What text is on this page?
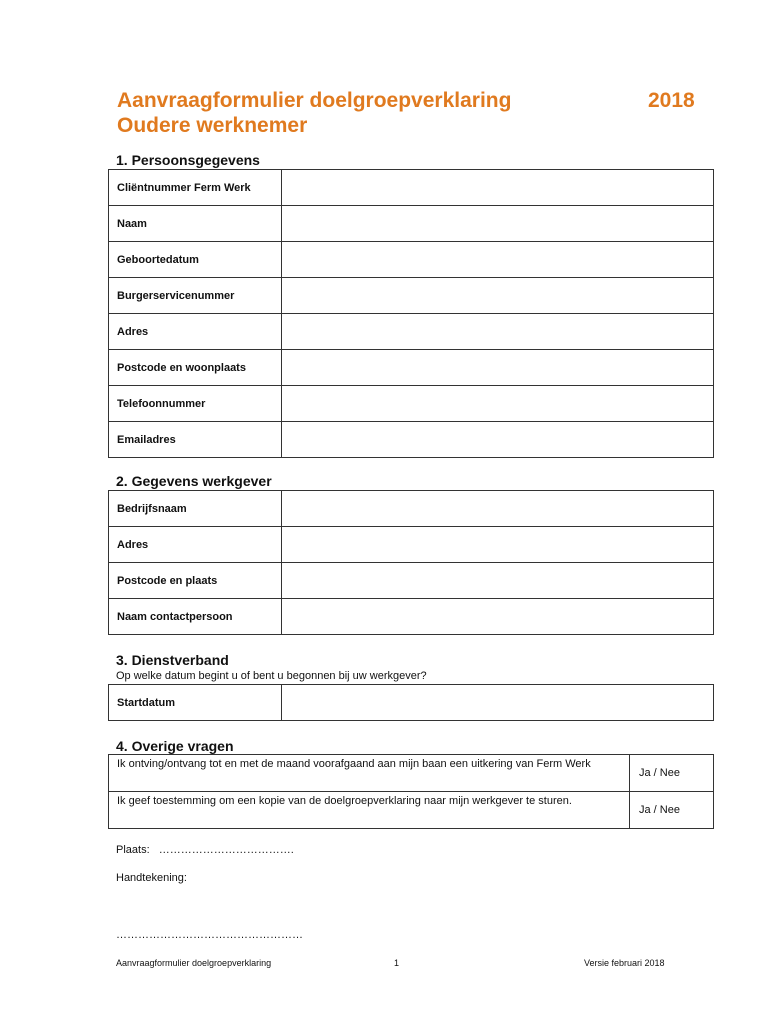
Aanvraagformulier doelgroepverklaring
Oudere werknemer
2018
1. Persoonsgegevens
Cliëntnummer Ferm Werk	
Naam	
Geboortedatum	
Burgerservicenummer	
Adres	
Postcode en woonplaats	
Telefoonnummer	
Emailadres	
2. Gegevens werkgever
Bedrijfsnaam	
Adres	
Postcode en plaats	
Naam contactpersoon	
3. Dienstverband
Op welke datum begint u of bent u begonnen bij uw werkgever?
Startdatum	
4. Overige vragen
Ik ontving/ontvang tot en met de maand voorafgaand aan mijn baan een uitkering van Ferm Werk	Ja / Nee
Ik geef toestemming om een kopie van de doelgroepverklaring naar mijn werkgever te sturen.	Ja / Nee
Plaats: ……………………………….
Handtekening:
……………………………………………
Aanvraagformulier doelgroepverklaring	1	Versie februari 2018
